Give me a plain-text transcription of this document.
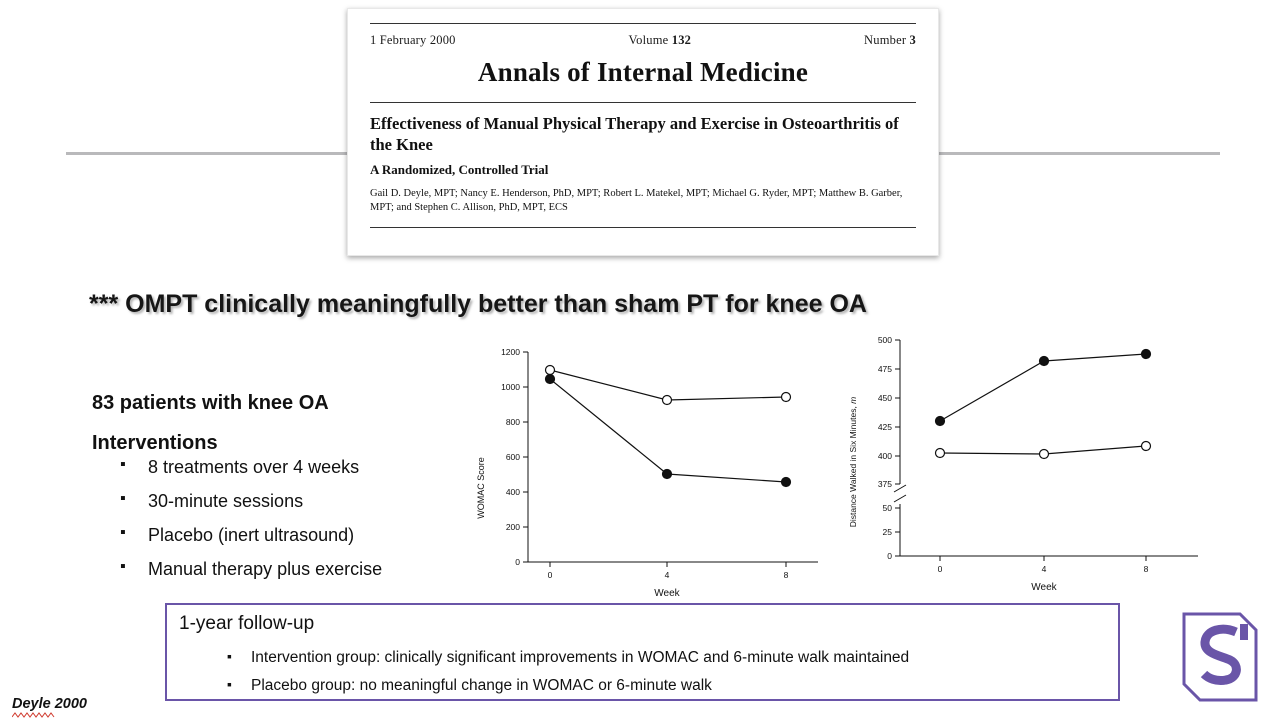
1 February 2000	Volume 132	Number 3
Annals of Internal Medicine
Effectiveness of Manual Physical Therapy and Exercise in Osteoarthritis of the Knee
A Randomized, Controlled Trial
Gail D. Deyle, MPT; Nancy E. Henderson, PhD, MPT; Robert L. Matekel, MPT; Michael G. Ryder, MPT; Matthew B. Garber, MPT; and Stephen C. Allison, PhD, MPT, ECS
*** OMPT clinically meaningfully better than sham PT for knee OA
83 patients with knee OA
Interventions
▪ 8 treatments over 4 weeks
▪ 30-minute sessions
▪ Placebo (inert ultrasound)
▪ Manual therapy plus exercise
WOMAC Score
0
200
400
600
800
1000
1200
0	4	8
Week
Distance Walked in Six Minutes, m
500
475
450
425
400
375
50
25
0
0	4	8
Week
1-year follow-up
▪ Intervention group: clinically significant improvements in WOMAC and 6-minute walk maintained
▪ Placebo group: no meaningful change in WOMAC or 6-minute walk
Deyle 2000
